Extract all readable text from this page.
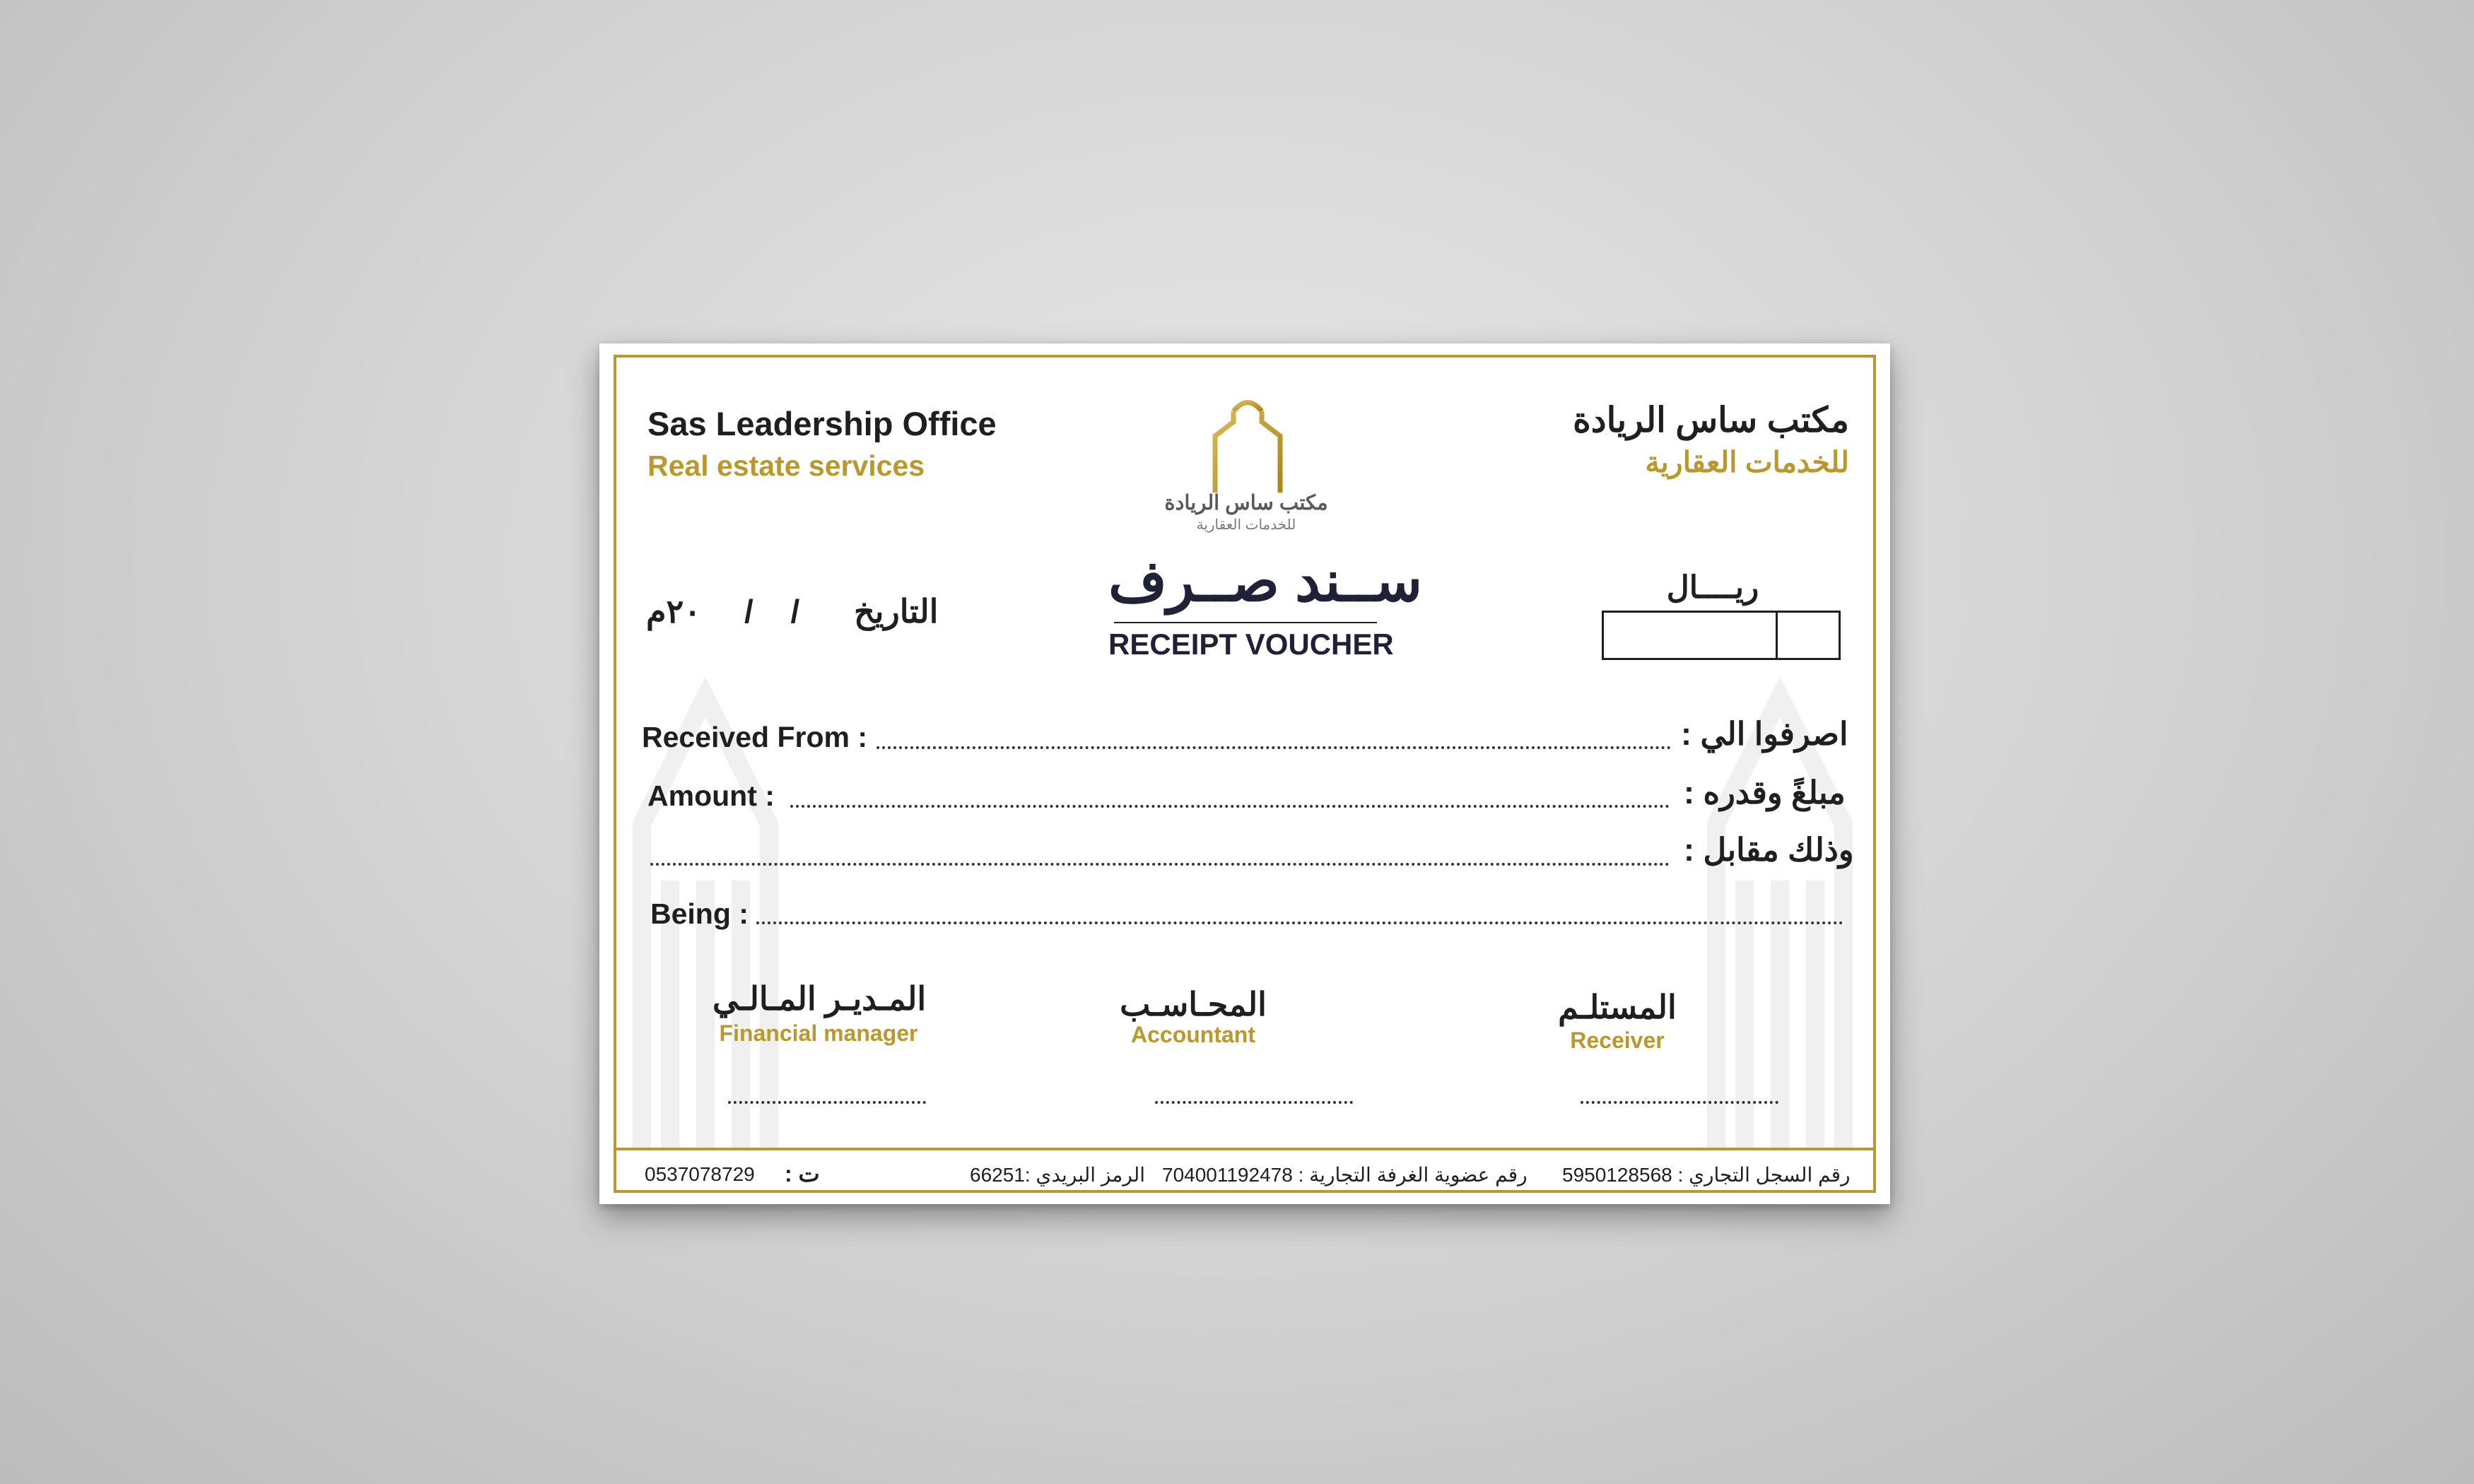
Sas Leadership Office
Real estate services
مكتب ساس الريادة
للخدمات العقارية
مكتب ساس الريادة
للخدمات العقارية
٢٠م / / التاريخ	ســند صــرف
RECEIPT VOUCHER
ريــــال
Received From :	اصرفوا الي :
Amount :	مبلغً وقدره :
وذلك مقابل :
Being :
المـديـر المـالـي
Financial manager
المحـاسـب
Accountant
المستلـم
Receiver
0537078729 ت :	الرمز البريدي :66251 رقم عضوية الغرفة التجارية : 704001192478 رقم السجل التجاري : 5950128568
